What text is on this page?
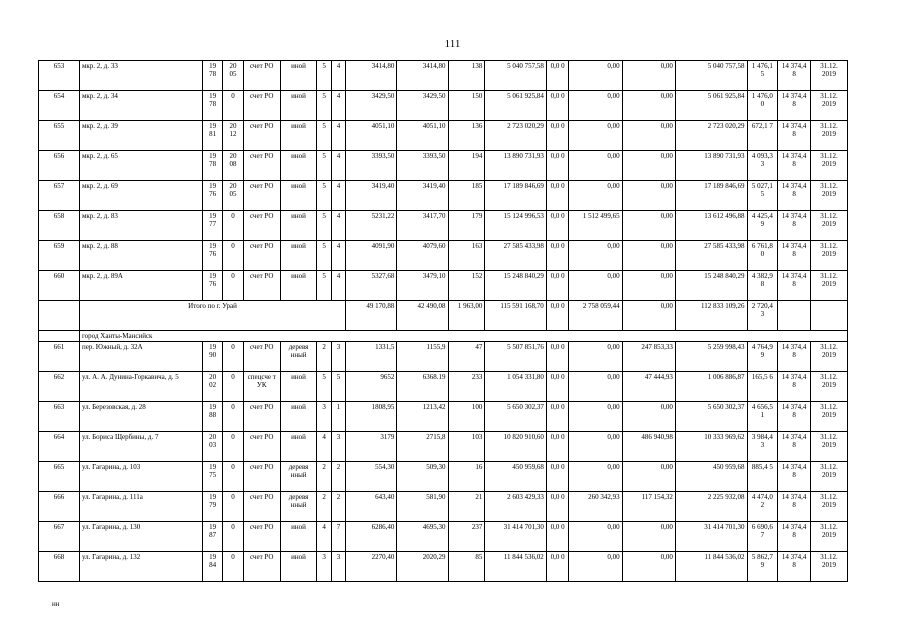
111
653	мкр. 2, д. 33	19 78	20 05	счет РО	иной	5	4	3414,80	3414,80	138	5 040 757,58	0,0 0	0,00	0,00	5 040 757,58	1 476,1 5	14 374,4 8	31.12. 2019
654	мкр. 2, д. 34	19 78	0	счет РО	иной	5	4	3429,50	3429,50	150	5 061 925,84	0,0 0	0,00	0,00	5 061 925,84	1 476,0 0	14 374,4 8	31.12. 2019
655	мкр. 2, д. 39	19 81	20 12	счет РО	иной	5	4	4051,10	4051,10	136	2 723 020,29	0,0 0	0,00	0,00	2 723 020,29	672,1 7	14 374,4 8	31.12. 2019
656	мкр. 2, д. 65	19 78	20 08	счет РО	иной	5	4	3393,50	3393,50	194	13 890 731,93	0,0 0	0,00	0,00	13 890 731,93	4 093,3 3	14 374,4 8	31.12. 2019
657	мкр. 2, д. 69	19 76	20 05	счет РО	иной	5	4	3419,40	3419,40	185	17 189 846,69	0,0 0	0,00	0,00	17 189 846,69	5 027,1 5	14 374,4 8	31.12. 2019
658	мкр. 2, д. 83	19 77	0	счет РО	иной	5	4	5231,22	3417,70	179	15 124 996,53	0,0 0	1 512 499,65	0,00	13 612 496,88	4 425,4 9	14 374,4 8	31.12. 2019
659	мкр. 2, д. 88	19 76	0	счет РО	иной	5	4	4091,90	4079,60	163	27 585 433,98	0,0 0	0,00	0,00	27 585 433,98	6 761,8 0	14 374,4 8	31.12. 2019
660	мкр. 2, д. 89А	19 76	0	счет РО	иной	5	4	5327,68	3479,10	152	15 248 840,29	0,0 0	0,00	0,00	15 248 840,29	4 382,9 8	14 374,4 8	31.12. 2019
	Итого по г. Урай							49 170,88	42 490,08	1 963,00	115 591 168,70	0,0 0	2 758 059,44	0,00	112 833 109,26	2 720,4 3		
	город Ханты-Мансийск																	
661	пер. Южный, д. 32А	19 90	0	счет РО	деревя нный	2	3	1331,5	1155,9	47	5 507 851,76	0,0 0	0,00	247 853,33	5 259 998,43	4 764,9 9	14 374,4 8	31.12. 2019
662	ул. А. А. Дунина-Горкавича, д. 5	20 02	0	спецсче т УК	иной	5	5	9652	6368.19	233	1 054 331,80	0,0 0	0,00	47 444,93	1 006 886,87	165,5 6	14 374,4 8	31.12. 2019
663	ул. Березовская, д. 28	19 88	0	счет РО	иной	3	1	1808,95	1213,42	100	5 650 302,37	0,0 0	0,00	0,00	5 650 302,37	4 656,5 1	14 374,4 8	31.12. 2019
664	ул. Бориса Щербины, д. 7	20 03	0	счет РО	иной	4	3	3179	2715,8	103	10 820 910,60	0,0 0	0,00	486 940,98	10 333 969,62	3 984,4 3	14 374,4 8	31.12. 2019
665	ул. Гагарина, д. 103	19 75	0	счет РО	деревя нный	2	2	554,30	509,30	16	450 959,68	0,0 0	0,00	0,00	450 959,68	885,4 5	14 374,4 8	31.12. 2019
666	ул. Гагарина, д. 111а	19 79	0	счет РО	деревя нный	2	2	643,40	581,90	21	2 603 429,33	0,0 0	260 342,93	117 154,32	2 225 932,08	4 474,0 2	14 374,4 8	31.12. 2019
667	ул. Гагарина, д. 130	19 87	0	счет РО	иной	4	7	6286,40	4695,30	237	31 414 701,30	0,0 0	0,00	0,00	31 414 701,30	6 690,6 7	14 374,4 8	31.12. 2019
668	ул. Гагарина, д. 132	19 84	0	счет РО	иной	3	3	2270,40	2020,29	85	11 844 536,02	0,0 0	0,00	0,00	11 844 536,02	5 862,7 9	14 374,4 8	31.12. 2019
нн
